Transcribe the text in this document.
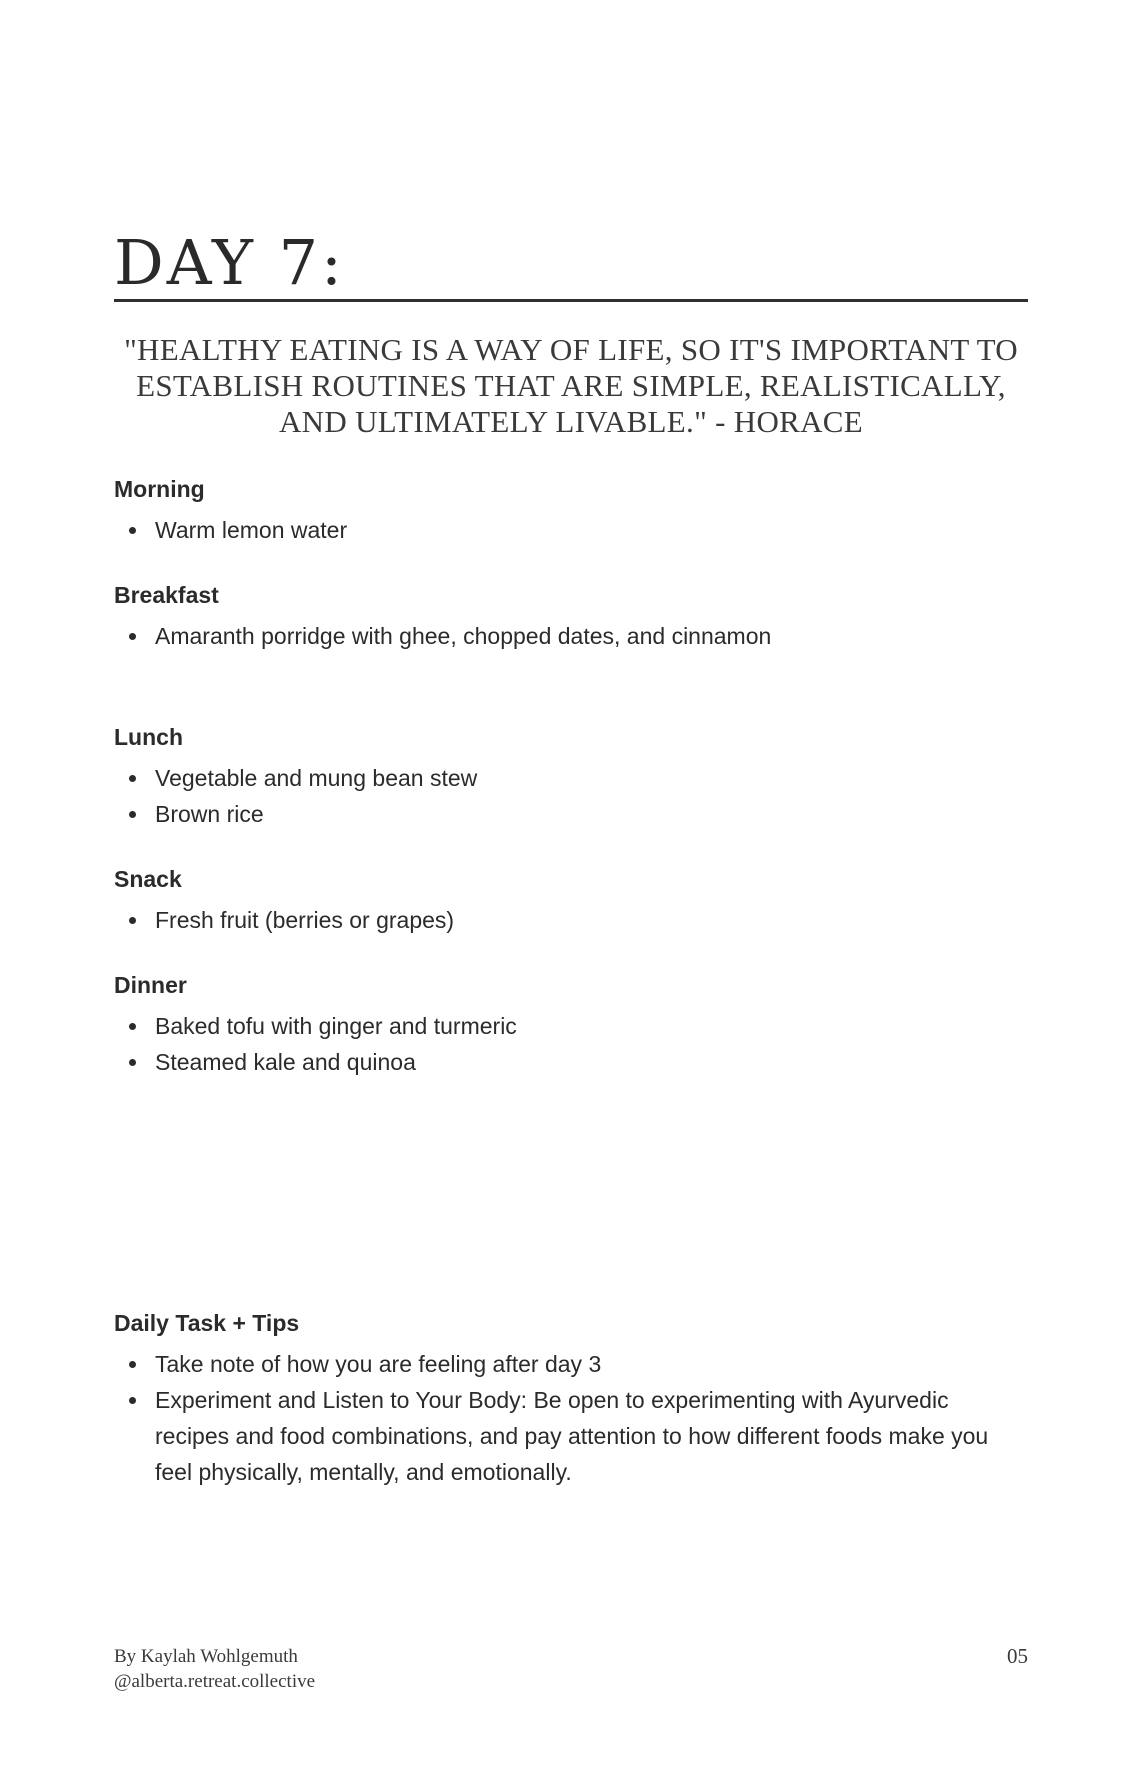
DAY 7:

"HEALTHY EATING IS A WAY OF LIFE, SO IT'S IMPORTANT TO ESTABLISH ROUTINES THAT ARE SIMPLE, REALISTICALLY, AND ULTIMATELY LIVABLE." - HORACE

Morning
Warm lemon water
Breakfast
Amaranth porridge with ghee, chopped dates, and cinnamon
Lunch
Vegetable and mung bean stew
Brown rice
Snack
Fresh fruit (berries or grapes)
Dinner
Baked tofu with ginger and turmeric
Steamed kale and quinoa
Daily Task + Tips
Take note of how you are feeling after day 3
Experiment and Listen to Your Body: Be open to experimenting with Ayurvedic recipes and food combinations, and pay attention to how different foods make you feel physically, mentally, and emotionally.
By Kaylah Wohlgemuth
@alberta.retreat.collective
05
